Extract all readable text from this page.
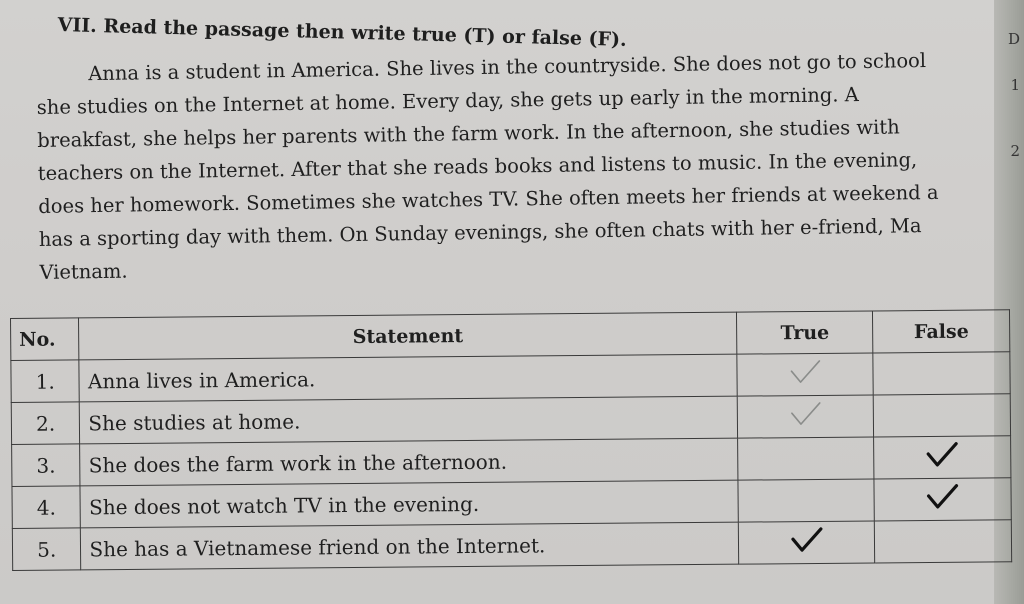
D
1
2
VII. Read the passage then write true (T) or false (F).
Anna is a student in America. She lives in the countryside. She does not go to school
she studies on the Internet at home. Every day, she gets up early in the morning. A
breakfast, she helps her parents with the farm work. In the afternoon, she studies with
teachers on the Internet. After that she reads books and listens to music. In the evening,
does her homework. Sometimes she watches TV. She often meets her friends at weekend a
has a sporting day with them. On Sunday evenings, she often chats with her e-friend, Ma
Vietnam.
No.	Statement	True	False
1.	Anna lives in America.		
2.	She studies at home.		
3.	She does the farm work in the afternoon.		
4.	She does not watch TV in the evening.		
5.	She has a Vietnamese friend on the Internet.		
